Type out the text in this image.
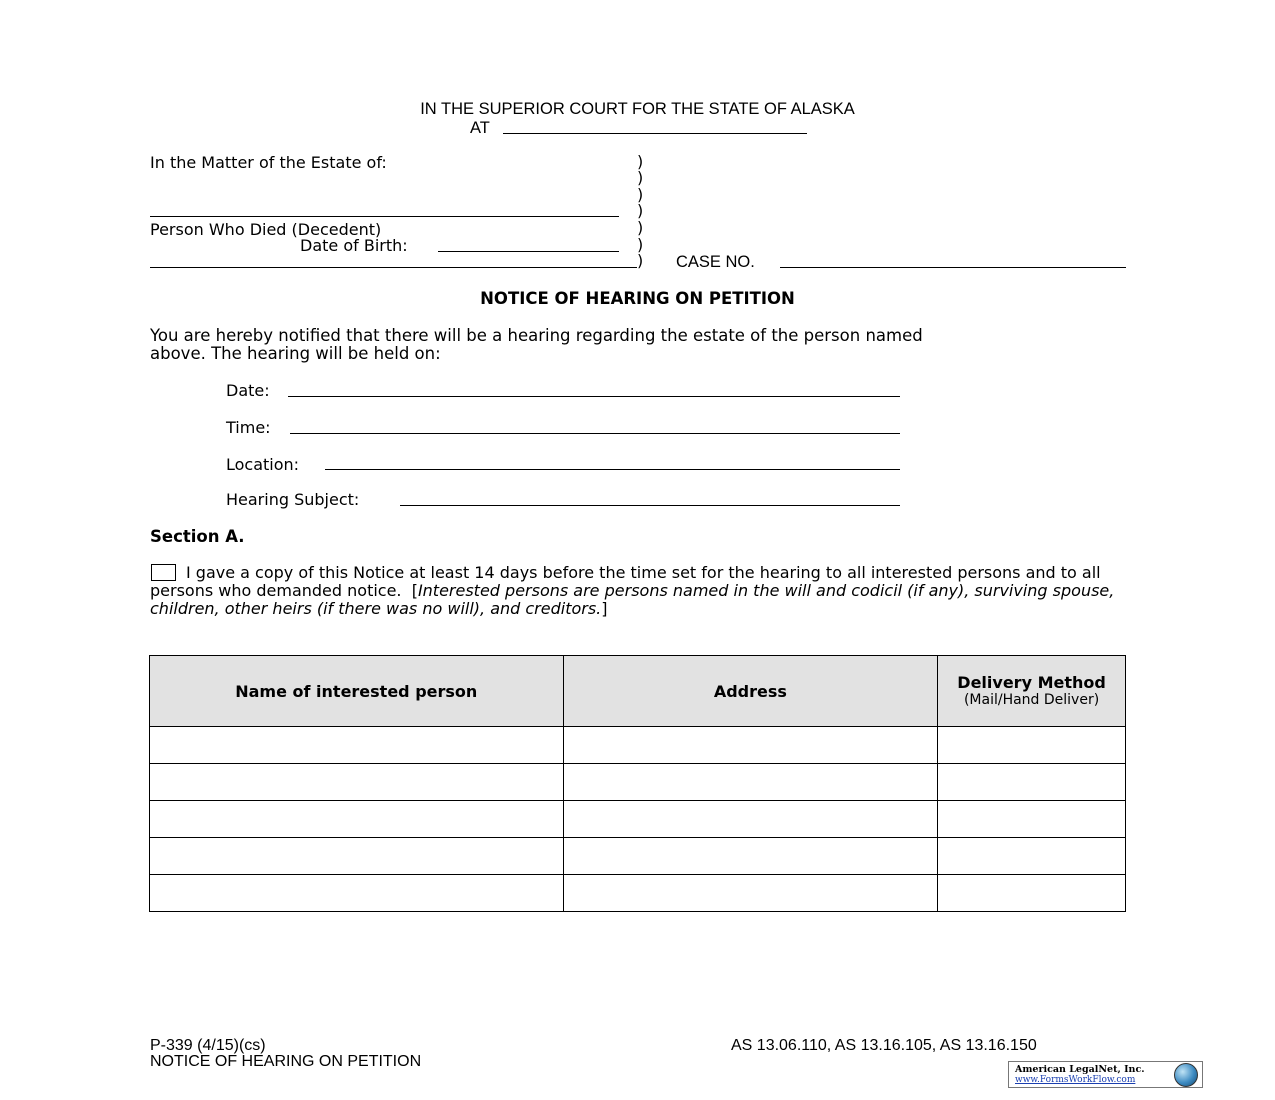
IN THE SUPERIOR COURT FOR THE STATE OF ALASKA
AT
In the Matter of the Estate of:
Person Who Died (Decedent)
Date of Birth:
)
)
)
)
)
)
) CASE NO.
NOTICE OF HEARING ON PETITION
You are hereby notified that there will be a hearing regarding the estate of the person named
above. The hearing will be held on:
Date:
Time:
Location:
Hearing Subject:
Section A.
I gave a copy of this Notice at least 14 days before the time set for the hearing to all interested persons and to all persons who demanded notice. [Interested persons are persons named in the will and codicil (if any), surviving spouse, children, other heirs (if there was no will), and creditors.]
Name of interested person	Address	Delivery Method
(Mail/Hand Deliver)

P-339 (4/15)(cs)
NOTICE OF HEARING ON PETITION
AS 13.06.110, AS 13.16.105, AS 13.16.150
American LegalNet, Inc.
www.FormsWorkFlow.com
